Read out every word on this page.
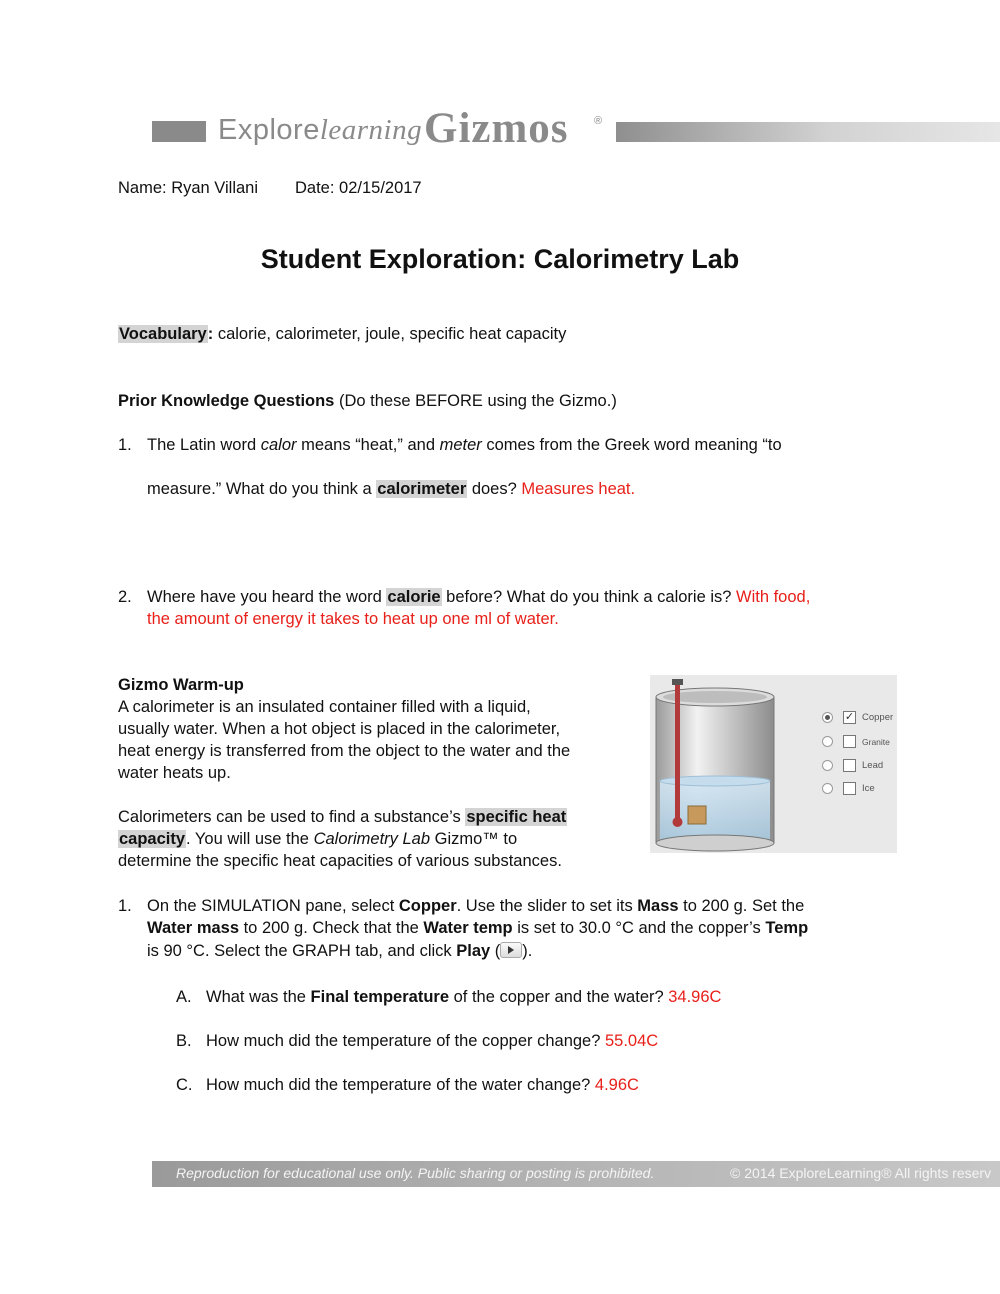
Explorelearning Gizmos ®
Name: Ryan Villani Date: 02/15/2017
Student Exploration: Calorimetry Lab
Vocabulary: calorie, calorimeter, joule, specific heat capacity
Prior Knowledge Questions (Do these BEFORE using the Gizmo.)
1. The Latin word calor means “heat,” and meter comes from the Greek word meaning “to
measure.” What do you think a calorimeter does? Measures heat.
2. Where have you heard the word calorie before? What do you think a calorie is? With food,
the amount of energy it takes to heat up one ml of water.
Gizmo Warm-up
A calorimeter is an insulated container filled with a liquid,
usually water. When a hot object is placed in the calorimeter,
heat energy is transferred from the object to the water and the
water heats up.
Calorimeters can be used to find a substance’s specific heat
capacity. You will use the Calorimetry Lab Gizmo™ to
determine the specific heat capacities of various substances.
✓ Copper
Granite
Lead
Ice
1. On the SIMULATION pane, select Copper. Use the slider to set its Mass to 200 g. Set the
Water mass to 200 g. Check that the Water temp is set to 30.0 °C and the copper’s Temp
is 90 °C. Select the GRAPH tab, and click Play ( ).
A. What was the Final temperature of the copper and the water? 34.96C
B. How much did the temperature of the copper change? 55.04C
C. How much did the temperature of the water change? 4.96C
Reproduction for educational use only. Public sharing or posting is prohibited.	© 2014 ExploreLearning® All rights reserv
